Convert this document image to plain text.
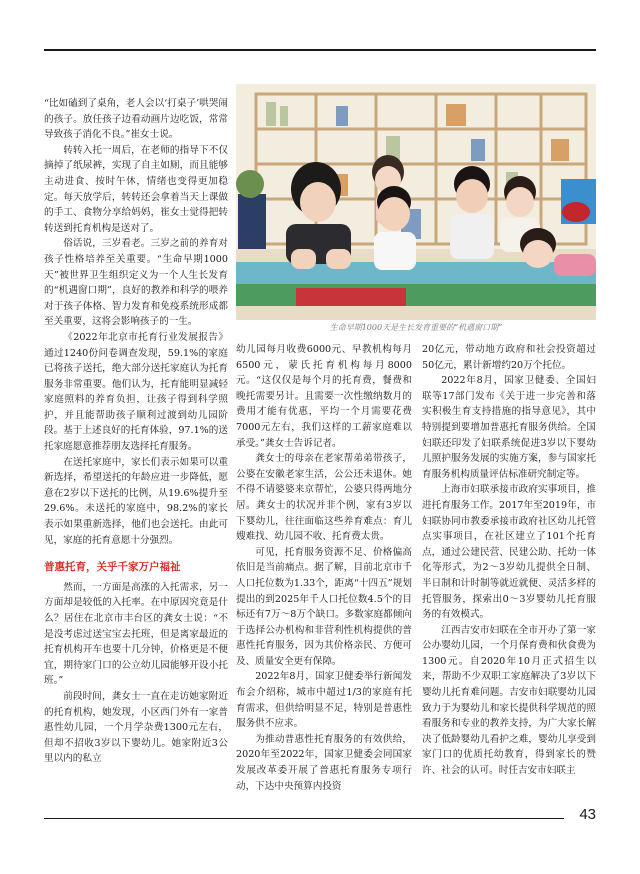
“比如磕到了桌角，老人会以‘打桌子’哄哭闹的孩子。放任孩子边看动画片边吃饭，常常导致孩子消化不良。”崔女士说。

转转入托一周后，在老师的指导下不仅摘掉了纸尿裤，实现了自主如厕，而且能够主动进食、按时午休，情绪也变得更加稳定。每天放学后，转转还会拿着当天上课做的手工、食物分享给妈妈，崔女士觉得把转转送到托育机构是送对了。

俗话说，三岁看老。三岁之前的养育对孩子性格培养至关重要。“生命早期1000天”被世界卫生组织定义为一个人生长发育的“机遇窗口期”，良好的教养和科学的喂养对于孩子体格、智力发育和免疫系统形成都至关重要，这将会影响孩子的一生。

《2022年北京市托育行业发展报告》通过1240份问卷调查发现，59.1%的家庭已将孩子送托，绝大部分送托家庭认为托育服务非常重要。他们认为，托育能明显减轻家庭照料的养育负担，让孩子得到科学照护，并且能帮助孩子顺利过渡到幼儿园阶段。基于上述良好的托育体验，97.1%的送托家庭愿意推荐朋友选择托育服务。

在送托家庭中，家长们表示如果可以重新选择，希望送托的年龄应进一步降低，愿意在2岁以下送托的比例，从19.6%提升至29.6%。未送托的家庭中，98.2%的家长表示如果重新选择，他们也会送托。由此可见，家庭的托育意愿十分强烈。

普惠托育，关乎千家万户福祉

然而，一方面是高涨的入托需求，另一方面却是较低的入托率。在中原因究竟是什么？居住在北京市丰台区的龚女士说：“不是没考虑过送宝宝去托班，但是离家最近的托育机构开车也要十几分钟，价格更是不便宜，期待家门口的公立幼儿园能够开设小托班。”

前段时间，龚女士一直在走访她家附近的托育机构，她发现，小区西门外有一家普惠性幼儿园，一个月学杂费1300元左右，但却不招收3岁以下婴幼儿。她家附近3公里以内的私立

生命早期1000天是生长发育重要的“机遇窗口期”

幼儿园每月收费6000元、早教机构每月6500元，蒙氏托育机构每月8000元。“这仅仅是每个月的托育费，餐费和晚托需要另计。且需要一次性缴纳数月的费用才能有优惠，平均一个月需要花费7000元左右，我们这样的工薪家庭难以承受。”龚女士告诉记者。

龚女士的母亲在老家帮弟弟带孩子，公婆在安徽老家生活，公公还未退休。她不得不请婆婆来京帮忙，公婆只得两地分居。龚女士的状况并非个例，家有3岁以下婴幼儿，往往面临这些养育难点：育儿嫂难找、幼儿园不收、托育费太贵。

可见，托育服务资源不足、价格偏高依旧是当前痛点。据了解，目前北京市千人口托位数为1.33个，距离“十四五”规划提出的到2025年千人口托位数4.5个的目标还有7万～8万个缺口。多数家庭都倾向于选择公办机构和非营利性机构提供的普惠性托育服务，因为其价格亲民、方便可及、质量安全更有保障。

2022年8月，国家卫健委举行新闻发布会介绍称，城市中超过1/3的家庭有托育需求，但供给明显不足，特别是普惠性服务供不应求。

为推动普惠性托育服务的有效供给，2020年至2022年，国家卫健委会同国家发展改革委开展了普惠托育服务专项行动，下达中央预算内投资

20亿元，带动地方政府和社会投资超过50亿元，累计新增约20万个托位。

2022年8月，国家卫健委、全国妇联等17部门发布《关于进一步完善和落实积极生育支持措施的指导意见》，其中特别提到要增加普惠托育服务供给。全国妇联还印发了妇联系统促进3岁以下婴幼儿照护服务发展的实施方案，参与国家托育服务机构质量评估标准研究制定等。

上海市妇联承接市政府实事项目，推进托育服务工作。2017年至2019年，市妇联协同市教委承接市政府社区幼儿托管点实事项目，在社区建立了101个托育点，通过公建民营、民建公助、托幼一体化等形式，为2～3岁幼儿提供全日制、半日制和计时制等就近就便、灵活多样的托管服务，探索出0～3岁婴幼儿托育服务的有效模式。

江西吉安市妇联在全市开办了第一家公办婴幼儿园，一个月保育费和伙食费为1300元。自2020年10月正式招生以来，帮助不少双职工家庭解决了3岁以下婴幼儿托育难问题。吉安市妇联婴幼儿园致力于为婴幼儿和家长提供科学规范的照看服务和专业的教养支持，为广大家长解决了低龄婴幼儿看护之难，婴幼儿享受到家门口的优质托幼教育，得到家长的赞许、社会的认可。时任吉安市妇联主

43
